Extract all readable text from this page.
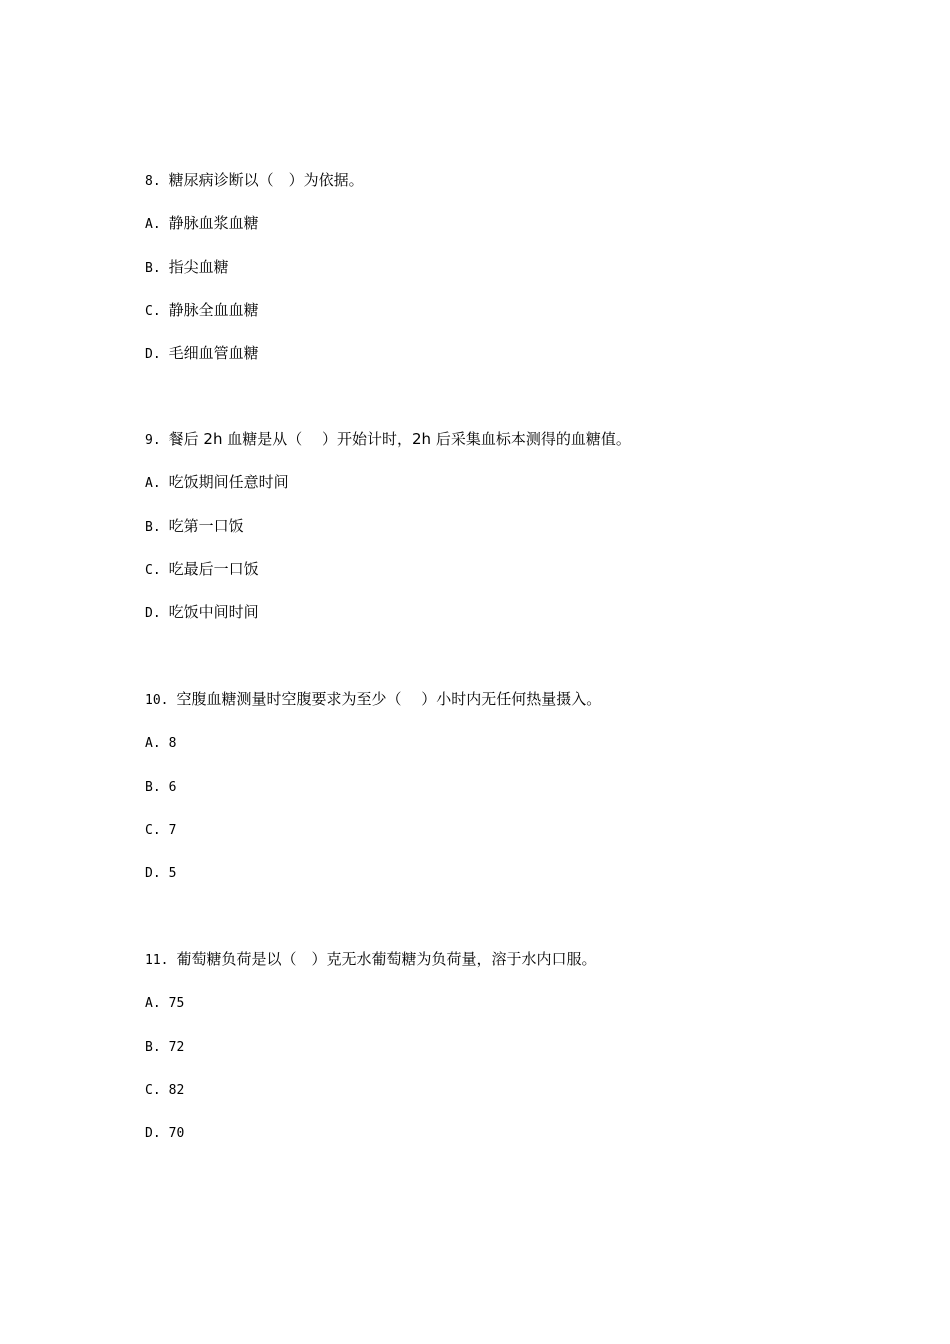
8. 糖尿病诊断以（　）为依据。
A. 静脉血浆血糖
B. 指尖血糖
C. 静脉全血血糖
D. 毛细血管血糖
9. 餐后 2h 血糖是从（　 ）开始计时，2h 后采集血标本测得的血糖值。
A. 吃饭期间任意时间
B. 吃第一口饭
C. 吃最后一口饭
D. 吃饭中间时间
10. 空腹血糖测量时空腹要求为至少（　 ）小时内无任何热量摄入。
A. 8
B. 6
C. 7
D. 5
11. 葡萄糖负荷是以（　）克无水葡萄糖为负荷量，溶于水内口服。
A. 75
B. 72
C. 82
D. 70
